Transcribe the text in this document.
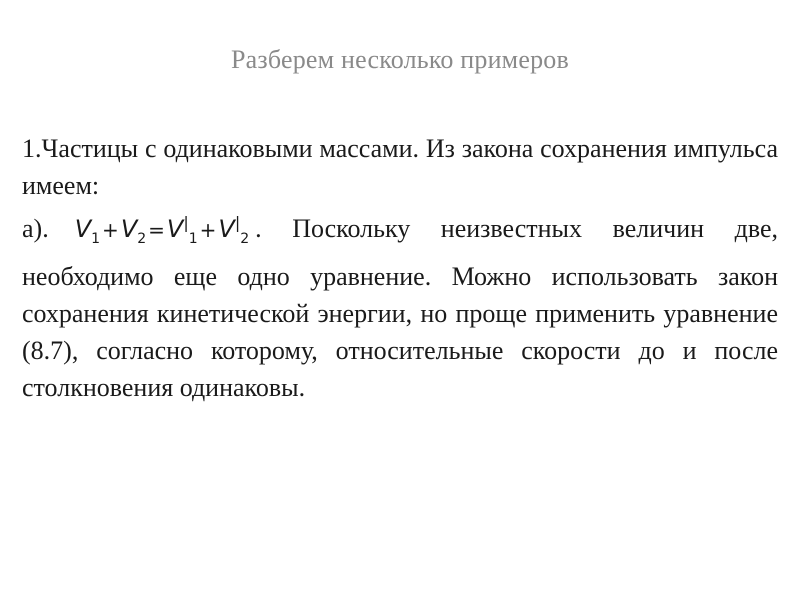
Разберем несколько примеров

1.Частицы с одинаковыми массами. Из закона сохранения импульса имеем:

а). $V_1 +V_2 =V^|_1 +V^|_2$ . Поскольку неизвестных величин две, необходимо еще одно уравнение. Можно использовать закон сохранения кинетической энергии, но проще применить уравнение (8.7), согласно которому, относительные скорости до и после столкновения одинаковы.
